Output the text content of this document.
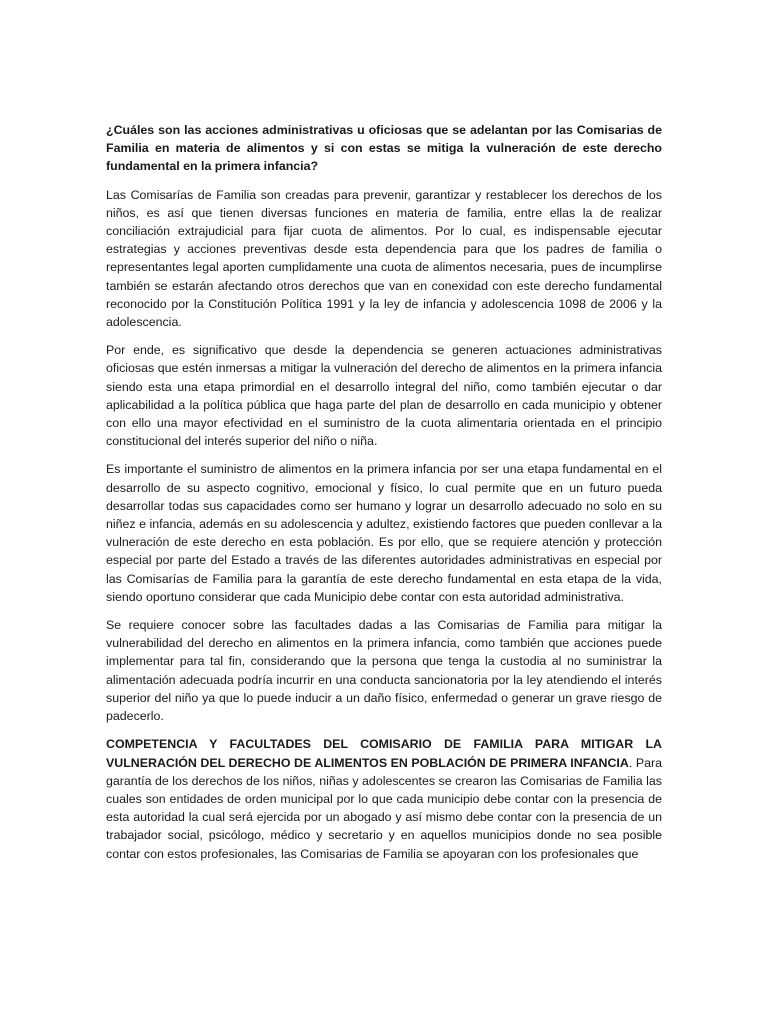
¿Cuáles son las acciones administrativas u oficiosas que se adelantan por las Comisarias de Familia en materia de alimentos y si con estas se mitiga la vulneración de este derecho fundamental en la primera infancia?

Las Comisarías de Familia son creadas para prevenir, garantizar y restablecer los derechos de los niños, es así que tienen diversas funciones en materia de familia, entre ellas la de realizar conciliación extrajudicial para fijar cuota de alimentos. Por lo cual, es indispensable ejecutar estrategias y acciones preventivas desde esta dependencia para que los padres de familia o representantes legal aporten cumplidamente una cuota de alimentos necesaria, pues de incumplirse también se estarán afectando otros derechos que van en conexidad con este derecho fundamental reconocido por la Constitución Política 1991 y la ley de infancia y adolescencia 1098 de 2006 y la adolescencia.

Por ende, es significativo que desde la dependencia se generen actuaciones administrativas oficiosas que estén inmersas a mitigar la vulneración del derecho de alimentos en la primera infancia siendo esta una etapa primordial en el desarrollo integral del niño, como también ejecutar o dar aplicabilidad a la política pública que haga parte del plan de desarrollo en cada municipio y obtener con ello una mayor efectividad en el suministro de la cuota alimentaria orientada en el principio constitucional del interés superior del niño o niña.

Es importante el suministro de alimentos en la primera infancia por ser una etapa fundamental en el desarrollo de su aspecto cognitivo, emocional y físico, lo cual permite que en un futuro pueda desarrollar todas sus capacidades como ser humano y lograr un desarrollo adecuado no solo en su niñez e infancia, además en su adolescencia y adultez, existiendo factores que pueden conllevar a la vulneración de este derecho en esta población. Es por ello, que se requiere atención y protección especial por parte del Estado a través de las diferentes autoridades administrativas en especial por las Comisarías de Familia para la garantía de este derecho fundamental en esta etapa de la vida, siendo oportuno considerar que cada Municipio debe contar con esta autoridad administrativa.

Se requiere conocer sobre las facultades dadas a las Comisarias de Familia para mitigar la vulnerabilidad del derecho en alimentos en la primera infancia, como también que acciones puede implementar para tal fin, considerando que la persona que tenga la custodia al no suministrar la alimentación adecuada podría incurrir en una conducta sancionatoria por la ley atendiendo el interés superior del niño ya que lo puede inducir a un daño físico, enfermedad o generar un grave riesgo de padecerlo.

COMPETENCIA Y FACULTADES DEL COMISARIO DE FAMILIA PARA MITIGAR LA VULNERACIÓN DEL DERECHO DE ALIMENTOS EN POBLACIÓN DE PRIMERA INFANCIA. Para garantía de los derechos de los niños, niñas y adolescentes se crearon las Comisarias de Familia las cuales son entidades de orden municipal por lo que cada municipio debe contar con la presencia de esta autoridad la cual será ejercida por un abogado y así mismo debe contar con la presencia de un trabajador social, psicólogo, médico y secretario y en aquellos municipios donde no sea posible contar con estos profesionales, las Comisarias de Familia se apoyaran con los profesionales que
